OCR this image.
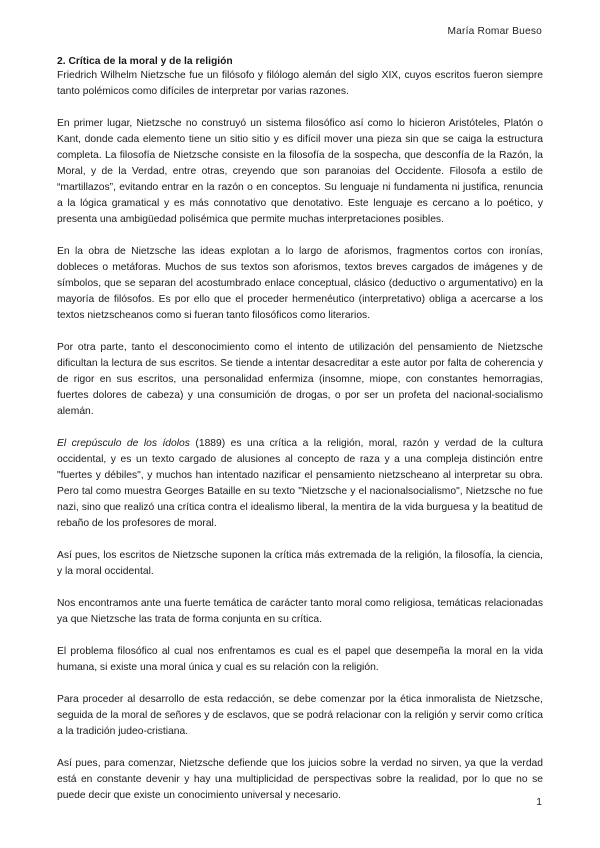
María Romar Bueso

2. Crítica de la moral y de la religión

Friedrich Wilhelm Nietzsche fue un filósofo y filólogo alemán del siglo XIX, cuyos escritos fueron siempre tanto polémicos como difíciles de interpretar por varias razones.

En primer lugar, Nietzsche no construyó un sistema filosófico así como lo hicieron Aristóteles, Platón o Kant, donde cada elemento tiene un sitio sitio y es difícil mover una pieza sin que se caiga la estructura completa. La filosofía de Nietzsche consiste en la filosofía de la sospecha, que desconfía de la Razón, la Moral, y de la Verdad, entre otras, creyendo que son paranoias del Occidente. Filosofa a estilo de “martillazos”, evitando entrar en la razón o en conceptos. Su lenguaje ni fundamenta ni justifica, renuncia a la lógica gramatical y es más connotativo que denotativo. Este lenguaje es cercano a lo poético, y presenta una ambigüedad polisémica que permite muchas interpretaciones posibles.

En la obra de Nietzsche las ideas explotan a lo largo de aforismos, fragmentos cortos con ironías, dobleces o metáforas. Muchos de sus textos son aforismos, textos breves cargados de imágenes y de símbolos, que se separan del acostumbrado enlace conceptual, clásico (deductivo o argumentativo) en la mayoría de filósofos. Es por ello que el proceder hermenéutico (interpretativo) obliga a acercarse a los textos nietzscheanos como si fueran tanto filosóficos como literarios.

Por otra parte, tanto el desconocimiento como el intento de utilización del pensamiento de Nietzsche dificultan la lectura de sus escritos. Se tiende a intentar desacreditar a este autor por falta de coherencia y de rigor en sus escritos, una personalidad enfermiza (insomne, miope, con constantes hemorragias, fuertes dolores de cabeza) y una consumición de drogas, o por ser un profeta del nacional-socialismo alemán.

El crepúsculo de los ídolos (1889) es una crítica a la religión, moral, razón y verdad de la cultura occidental, y es un texto cargado de alusiones al concepto de raza y a una compleja distinción entre "fuertes y débiles", y muchos han intentado nazificar el pensamiento nietzscheano al interpretar su obra. Pero tal como muestra Georges Bataille en su texto "Nietzsche y el nacionalsocialismo", Nietzsche no fue nazi, sino que realizó una crítica contra el idealismo liberal, la mentira de la vida burguesa y la beatitud de rebaño de los profesores de moral.

Así pues, los escritos de Nietzsche suponen la crítica más extremada de la religión, la filosofía, la ciencia, y la moral occidental.

Nos encontramos ante una fuerte temática de carácter tanto moral como religiosa, temáticas relacionadas ya que Nietzsche las trata de forma conjunta en su crítica.

El problema filosófico al cual nos enfrentamos es cual es el papel que desempeña la moral en la vida humana, si existe una moral única y cual es su relación con la religión.

Para proceder al desarrollo de esta redacción, se debe comenzar por la ética inmoralista de Nietzsche, seguida de la moral de señores y de esclavos, que se podrá relacionar con la religión y servir como crítica a la tradición judeo-cristiana.

Así pues, para comenzar, Nietzsche defiende que los juicios sobre la verdad no sirven, ya que la verdad está en constante devenir y hay una multiplicidad de perspectivas sobre la realidad, por lo que no se puede decir que existe un conocimiento universal y necesario.

1
